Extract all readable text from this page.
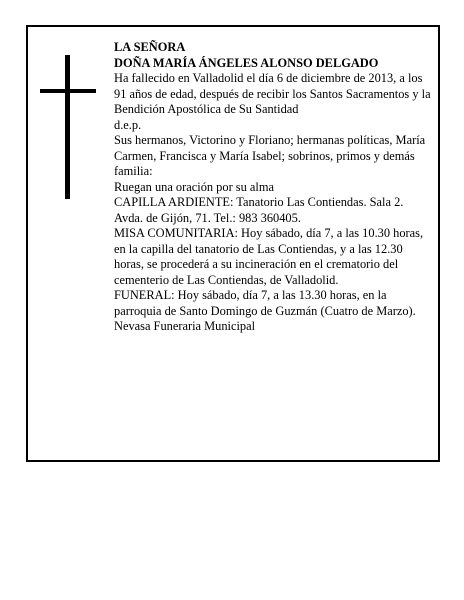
LA SEÑORA
DOÑA MARÍA ÁNGELES ALONSO DELGADO
Ha fallecido en Valladolid el día 6 de diciembre de 2013, a los 91 años de edad, después de recibir los Santos Sacramentos y la Bendición Apostólica de Su Santidad
d.e.p.
Sus hermanos, Victorino y Floriano; hermanas políticas, María Carmen, Francisca y María Isabel; sobrinos, primos y demás familia:
Ruegan una oración por su alma
CAPILLA ARDIENTE: Tanatorio Las Contiendas. Sala 2. Avda. de Gijón, 71. Tel.: 983 360405.
MISA COMUNITARIA: Hoy sábado, día 7, a las 10.30 horas, en la capilla del tanatorio de Las Contiendas, y a las 12.30 horas, se procederá a su incineración en el crematorio del cementerio de Las Contiendas, de Valladolid.
FUNERAL: Hoy sábado, día 7, a las 13.30 horas, en la parroquia de Santo Domingo de Guzmán (Cuatro de Marzo).
Nevasa Funeraria Municipal
